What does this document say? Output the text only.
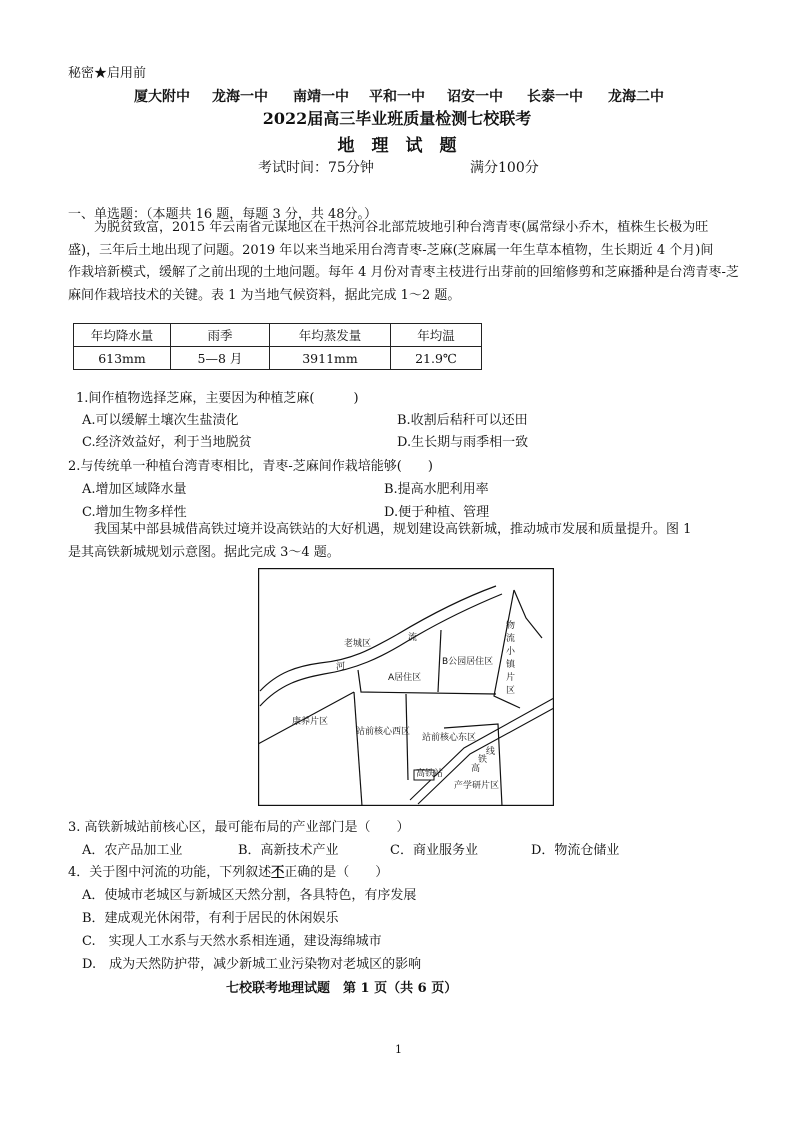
秘密★启用前
厦大附中 龙海一中 南靖一中 平和一中 诏安一中 长泰一中 龙海二中
2022届高三毕业班质量检测七校联考
地　理　试　题
考试时间：75分钟	满分100分
一、单选题：（本题共 16 题，每题 3 分，共 48分。）

为脱贫致富，2015 年云南省元谋地区在干热河谷北部荒坡地引种台湾青枣(属常绿小乔木，植株生长极为旺

盛)，三年后土地出现了问题。2019 年以来当地采用台湾青枣-芝麻(芝麻属一年生草本植物，生长期近 4 个月)间

作栽培新模式，缓解了之前出现的土地问题。每年 4 月份对青枣主枝进行出芽前的回缩修剪和芝麻播种是台湾青枣-芝

麻间作栽培技术的关键。表 1 为当地气候资料，据此完成 1～2 题。

年均降水量	雨季	年均蒸发量	年均温
613mm	5—8 月	3911mm	21.9℃
1.间作植物选择芝麻，主要因为种植芝麻(　　　)
A.可以缓解土壤次生盐渍化	B.收割后秸秆可以还田
C.经济效益好，利于当地脱贫	D.生长期与雨季相一致
2.与传统单一种植台湾青枣相比，青枣-芝麻间作栽培能够(　　)
A.增加区域降水量	B.提高水肥利用率
C.增加生物多样性	D.便于种植、管理

我国某中部县城借高铁过境并设高铁站的大好机遇，规划建设高铁新城，推动城市发展和质量提升。图 1

是其高铁新城规划示意图。据此完成 3～4 题。

老城区
流
河	B公园居住区
A居住区
物
流
小
镇
片
区
康养片区
站前核心西区
站前核心东区
线
铁
高
高铁站
产学研片区
3. 高铁新城站前核心区，最可能布局的产业部门是（　　）
A．农产品加工业	B．高新技术产业	C．商业服务业	D．物流仓储业
4．关于图中河流的功能，下列叙述不正确的是（　　）
A．使城市老城区与新城区天然分割，各具特色，有序发展
B．建成观光休闲带，有利于居民的休闲娱乐
C.　实现人工水系与天然水系相连通，建设海绵城市
D.　成为天然防护带，减少新城工业污染物对老城区的影响
七校联考地理试题　第 1 页（共 6 页）
1
